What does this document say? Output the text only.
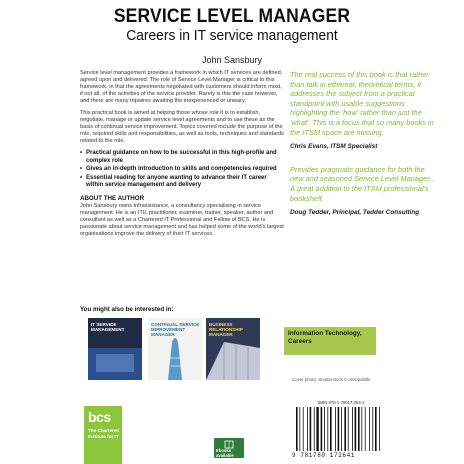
SERVICE LEVEL MANAGER
Careers in IT service management
John Sansbury

Service level management provides a framework in which IT services are defined, agreed upon and delivered. The role of Service Level Manager is critical to this framework, in that the agreements negotiated with customers should inform most, if not all, of the activities of the service provider. Rarely is this the case however, and there are many tripwires awaiting the inexperienced or unwary.

This practical book is aimed at helping those whose role it is to establish, negotiate, manage or update service level agreements and to use these as the basis of continual service improvement. Topics covered include the purpose of the role, required skills and responsibilities, as well as tools, techniques and standards related to the role.

• Practical guidance on how to be successful in this high-profile and complex role
• Gives an in-depth introduction to skills and competencies required
• Essential reading for anyone wanting to advance their IT career within service management and delivery
ABOUT THE AUTHOR

John Sansbury owns Infrassistance, a consultancy specialising in service management. He is an ITIL practitioner, examiner, trainer, speaker, author and consultant as well as a Chartered IT Professional and Fellow of BCS. He is passionate about service management and has helped some of the world's largest organisations improve the delivery of their IT services.

You might also be interested in:
IT SERVICE MANAGEMENT
CONTINUAL SERVICE IMPROVEMENT MANAGER
BUSINESS RELATIONSHIP MANAGER
The real success of this book is that rather than talk in ethereal, theoretical terms, it addresses the subject from a practical standpoint with usable suggestions highlighting the 'how' rather than just the 'what'. This is a focus that so many books in the ITSM space are missing.
Chris Evans, ITSM Specialist
Provides pragmatic guidance for both the new and seasoned Service Level Manager... A great addition to the ITSM professional's bookshelf.
Doug Tedder, Principal, Tedder Consulting
Information Technology, Careers
Cover photo: Shutterstock © Jezepahills
bcs
The Chartered Institute for IT
Ebooks available
ISBN 978-1-78017-264-1
9 781780 172641
